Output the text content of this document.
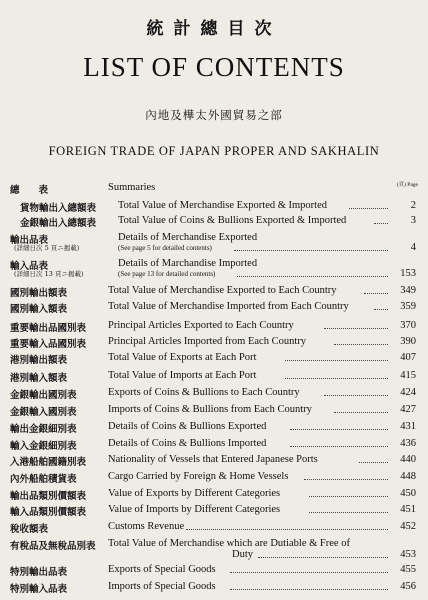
統計總目次
LIST OF CONTENTS
內地及樺太外國貿易之部
FOREIGN TRADE OF JAPAN PROPER AND SAKHALIN
(頁) Page
總　　表	Summaries
貨物輸出入總額表 Total Value of Merchandise Exported & Imported	2
金銀輸出入總額表 Total Value of Coins & Bullions Exported & Imported	3
輸出品表
(詳細日次 5 頁ニ揭載)
Details of Merchandise Exported
(See page 5 for detailed contents)	4
輸入品表
(詳細日次 13 頁ニ揭載)
Details of Marchandise Imported
(See page 13 for detailed contents)	153
國別輸出額表	Total Value of Merchandise Exported to Each Country	349
國別輸入額表	Total Value of Merchandise Imported from Each Country	359
重要輸出品國別表 Principal Articles Exported to Each Country	370
重要輸入品國別表 Principal Articles Imported from Each Country	390
港別輸出額表	Total Value of Exports at Each Port	407
港別輸入額表	Total Value of Imports at Each Port	415
金銀輸出國別表	Exports of Coins & Bullions to Each Country	424
金銀輸入國別表	Imports of Coins & Bullions from Each Country	427
輸出金銀細別表	Details of Coins & Bullions Exported	431
輸入金銀細別表	Details of Coins & Bullions Imported	436
入港船舶國籍別表 Nationality of Vessels that Entered Japanese Ports	440
內外船舶積貨表	Cargo Carried by Foreign & Home Vessels	448
輸出品類別價額表 Value of Exports by Different Categories	450
輸入品類別價額表 Value of Imports by Different Categories	451
稅收額表	Customs Revenue	452
有稅品及無稅品別表 Total Value of Merchandise which are Dutiable & Free of
Duty	453
特別輸出品表	Exports of Special Goods	455
特別輸入品表	Imports of Special Goods	456
